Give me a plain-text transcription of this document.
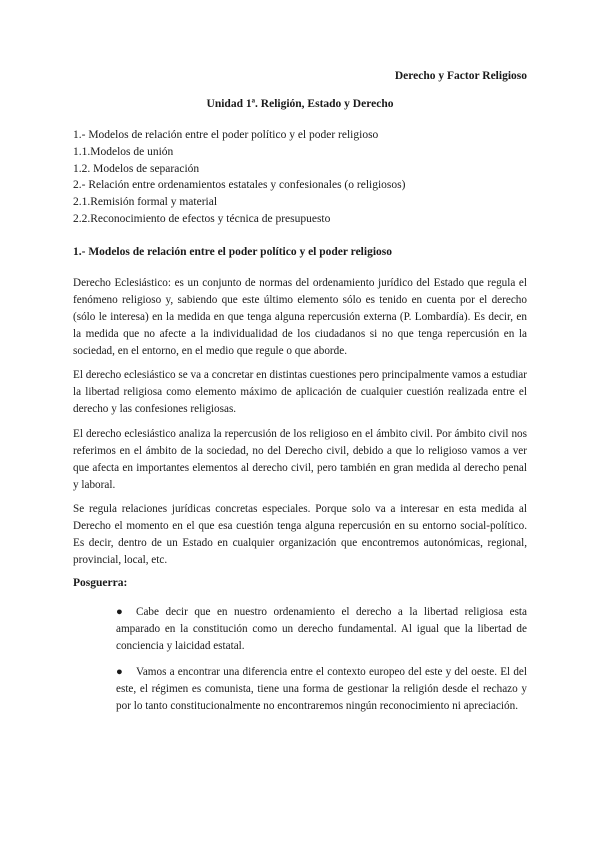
Derecho y Factor Religioso
Unidad 1ª. Religión, Estado y Derecho
1.- Modelos de relación entre el poder político y el poder religioso
1.1.Modelos de unión
1.2. Modelos de separación
2.- Relación entre ordenamientos estatales y confesionales (o religiosos)
2.1.Remisión formal y material
2.2.Reconocimiento de efectos y técnica de presupuesto
1.- Modelos de relación entre el poder político y el poder religioso

Derecho Eclesiástico: es un conjunto de normas del ordenamiento jurídico del Estado que regula el fenómeno religioso y, sabiendo que este último elemento sólo es tenido en cuenta por el derecho (sólo le interesa) en la medida en que tenga alguna repercusión externa (P. Lombardía). Es decir, en la medida que no afecte a la individualidad de los ciudadanos si no que tenga repercusión en la sociedad, en el entorno, en el medio que regule o que aborde.

El derecho eclesiástico se va a concretar en distintas cuestiones pero principalmente vamos a estudiar la libertad religiosa como elemento máximo de aplicación de cualquier cuestión realizada entre el derecho y las confesiones religiosas.

El derecho eclesiástico analiza la repercusión de los religioso en el ámbito civil. Por ámbito civil nos referimos en el ámbito de la sociedad, no del Derecho civil, debido a que lo religioso vamos a ver que afecta en importantes elementos al derecho civil, pero también en gran medida al derecho penal y laboral.

Se regula relaciones jurídicas concretas especiales. Porque solo va a interesar en esta medida al Derecho el momento en el que esa cuestión tenga alguna repercusión en su entorno social-político. Es decir, dentro de un Estado en cualquier organización que encontremos autonómicas, regional, provincial, local, etc.

Posguerra:

● Cabe decir que en nuestro ordenamiento el derecho a la libertad religiosa esta amparado en la constitución como un derecho fundamental. Al igual que la libertad de conciencia y laicidad estatal.

● Vamos a encontrar una diferencia entre el contexto europeo del este y del oeste. El del este, el régimen es comunista, tiene una forma de gestionar la religión desde el rechazo y por lo tanto constitucionalmente no encontraremos ningún reconocimiento ni apreciación.
